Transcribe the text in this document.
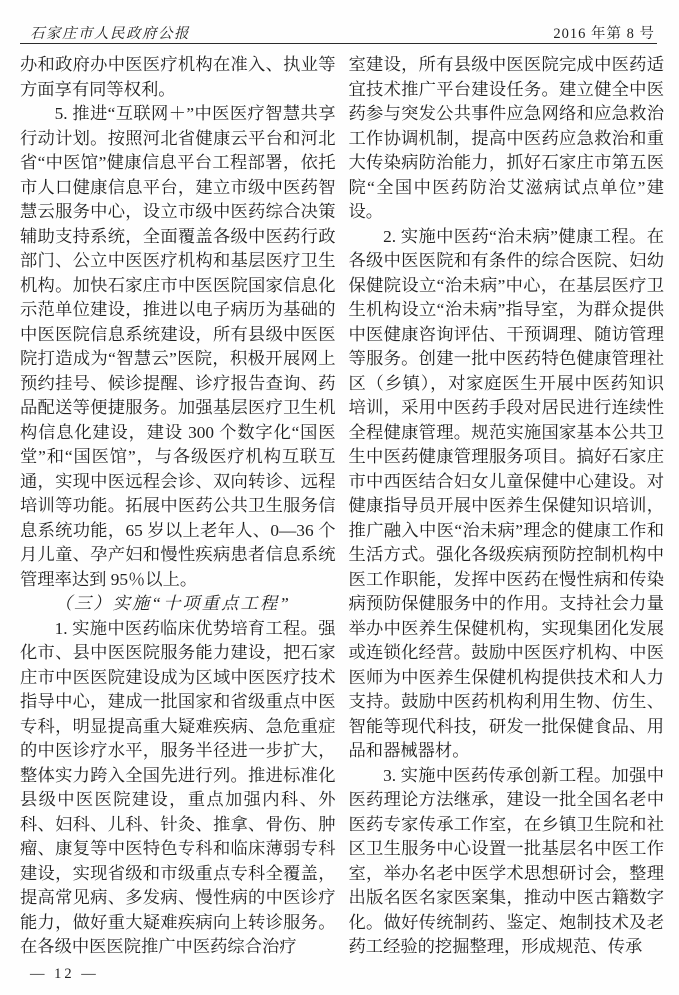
石家庄市人民政府公报	2016 年第 8 号

办和政府办中医医疗机构在准入、执业等方面享有同等权利。

5. 推进“互联网＋”中医医疗智慧共享行动计划。按照河北省健康云平台和河北省“中医馆”健康信息平台工程部署，依托市人口健康信息平台，建立市级中医药智慧云服务中心，设立市级中医药综合决策辅助支持系统，全面覆盖各级中医药行政部门、公立中医医疗机构和基层医疗卫生机构。加快石家庄市中医医院国家信息化示范单位建设，推进以电子病历为基础的中医医院信息系统建设，所有县级中医医院打造成为“智慧云”医院，积极开展网上预约挂号、候诊提醒、诊疗报告查询、药品配送等便捷服务。加强基层医疗卫生机构信息化建设，建设 300 个数字化“国医堂”和“国医馆”，与各级医疗机构互联互通，实现中医远程会诊、双向转诊、远程培训等功能。拓展中医药公共卫生服务信息系统功能，65 岁以上老年人、0—36 个月儿童、孕产妇和慢性疾病患者信息系统管理率达到 95％以上。

（三）实施“十项重点工程”

1. 实施中医药临床优势培育工程。强化市、县中医医院服务能力建设，把石家庄市中医医院建设成为区域中医医疗技术指导中心，建成一批国家和省级重点中医专科，明显提高重大疑难疾病、急危重症的中医诊疗水平，服务半径进一步扩大，整体实力跨入全国先进行列。推进标准化县级中医医院建设，重点加强内科、外科、妇科、儿科、针灸、推拿、骨伤、肿瘤、康复等中医特色专科和临床薄弱专科建设，实现省级和市级重点专科全覆盖，提高常见病、多发病、慢性病的中医诊疗能力，做好重大疑难疾病向上转诊服务。在各级中医医院推广中医药综合治疗

室建设，所有县级中医医院完成中医药适宜技术推广平台建设任务。建立健全中医药参与突发公共事件应急网络和应急救治工作协调机制，提高中医药应急救治和重大传染病防治能力，抓好石家庄市第五医院“全国中医药防治艾滋病试点单位”建设。

2. 实施中医药“治未病”健康工程。在各级中医医院和有条件的综合医院、妇幼保健院设立“治未病”中心，在基层医疗卫生机构设立“治未病”指导室，为群众提供中医健康咨询评估、干预调理、随访管理等服务。创建一批中医药特色健康管理社区（乡镇），对家庭医生开展中医药知识培训，采用中医药手段对居民进行连续性全程健康管理。规范实施国家基本公共卫生中医药健康管理服务项目。搞好石家庄市中西医结合妇女儿童保健中心建设。对健康指导员开展中医养生保健知识培训，推广融入中医“治未病”理念的健康工作和生活方式。强化各级疾病预防控制机构中医工作职能，发挥中医药在慢性病和传染病预防保健服务中的作用。支持社会力量举办中医养生保健机构，实现集团化发展或连锁化经营。鼓励中医医疗机构、中医医师为中医养生保健机构提供技术和人力支持。鼓励中医药机构利用生物、仿生、智能等现代科技，研发一批保健食品、用品和器械器材。

3. 实施中医药传承创新工程。加强中医药理论方法继承，建设一批全国名老中医药专家传承工作室，在乡镇卫生院和社区卫生服务中心设置一批基层名中医工作室，举办名老中医学术思想研讨会，整理出版名医名家医案集，推动中医古籍数字化。做好传统制药、鉴定、炮制技术及老药工经验的挖掘整理，形成规范、传承

— 12 —
